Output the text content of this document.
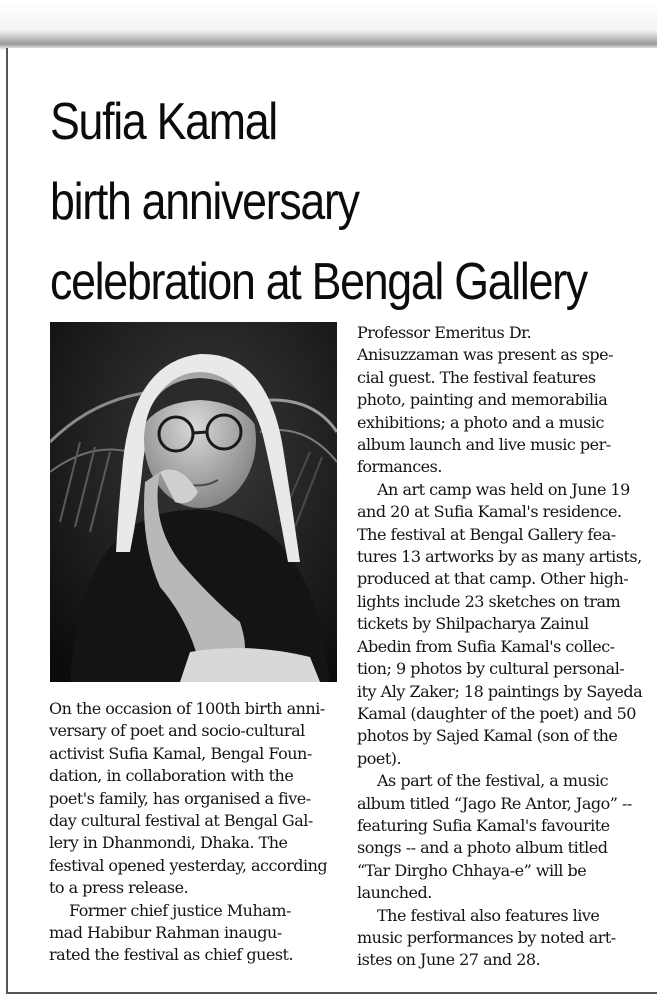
Sufia Kamal
birth anniversary
celebration at Bengal Gallery

On the occasion of 100th birth anni-

versary of poet and socio-cultural

activist Sufia Kamal, Bengal Foun-

dation, in collaboration with the

poet's family, has organised a five-

day cultural festival at Bengal Gal-

lery in Dhanmondi, Dhaka. The

festival opened yesterday, according

to a press release.

Former chief justice Muham-

mad Habibur Rahman inaugu-

rated the festival as chief guest.

Professor Emeritus Dr.

Anisuzzaman was present as spe-

cial guest. The festival features

photo, painting and memorabilia

exhibitions; a photo and a music

album launch and live music per-

formances.

An art camp was held on June 19

and 20 at Sufia Kamal's residence.

The festival at Bengal Gallery fea-

tures 13 artworks by as many artists,

produced at that camp. Other high-

lights include 23 sketches on tram

tickets by Shilpacharya Zainul

Abedin from Sufia Kamal's collec-

tion; 9 photos by cultural personal-

ity Aly Zaker; 18 paintings by Sayeda

Kamal (daughter of the poet) and 50

photos by Sajed Kamal (son of the

poet).

As part of the festival, a music

album titled “Jago Re Antor, Jago” --

featuring Sufia Kamal's favourite

songs -- and a photo album titled

“Tar Dirgho Chhaya-e” will be

launched.

The festival also features live

music performances by noted art-

istes on June 27 and 28.
